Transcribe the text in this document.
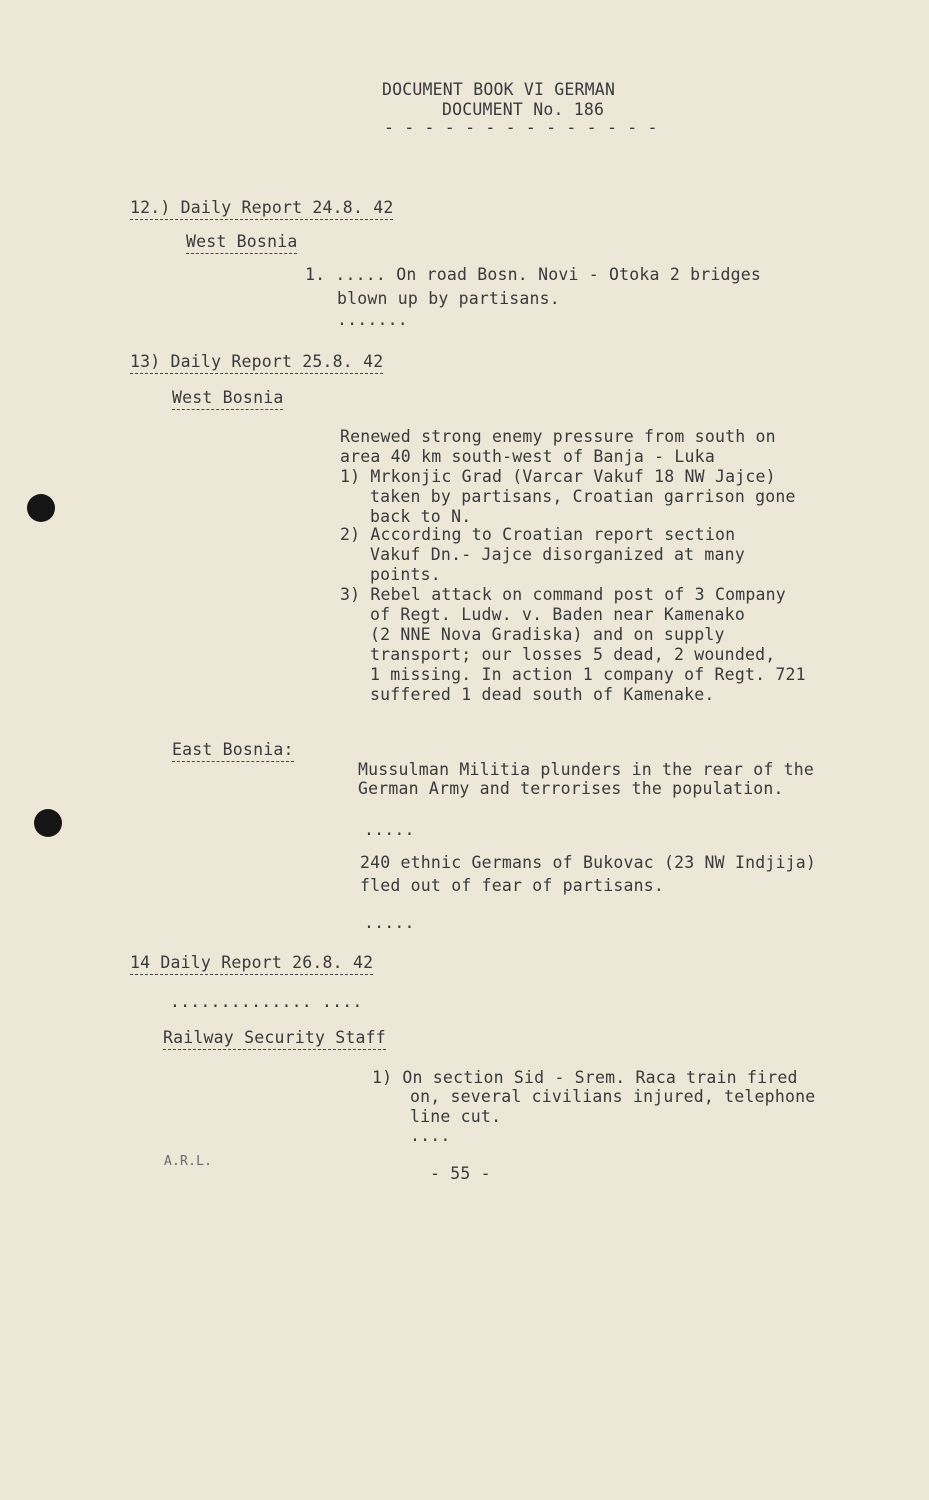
DOCUMENT BOOK VI GERMAN
DOCUMENT No. 186
- - - - - - - - - - - - - -
12.) Daily Report 24.8. 42
West Bosnia
1. ..... On road Bosn. Novi - Otoka 2 bridges
blown up by partisans.
.......
13) Daily Report 25.8. 42
West Bosnia
Renewed strong enemy pressure from south on
area 40 km south-west of Banja - Luka
1) Mrkonjic Grad (Varcar Vakuf 18 NW Jajce)
taken by partisans, Croatian garrison gone
back to N.
2) According to Croatian report section
Vakuf Dn.- Jajce disorganized at many
points.
3) Rebel attack on command post of 3 Company
of Regt. Ludw. v. Baden near Kamenako
(2 NNE Nova Gradiska) and on supply
transport; our losses 5 dead, 2 wounded,
1 missing. In action 1 company of Regt. 721
suffered 1 dead south of Kamenake.
East Bosnia:
Mussulman Militia plunders in the rear of the
German Army and terrorises the population.
.....
240 ethnic Germans of Bukovac (23 NW Indjija)
fled out of fear of partisans.
.....
14 Daily Report 26.8. 42
.............. ....
Railway Security Staff
1) On section Sid - Srem. Raca train fired
on, several civilians injured, telephone
line cut.
....
A.R.L.
- 55 -
